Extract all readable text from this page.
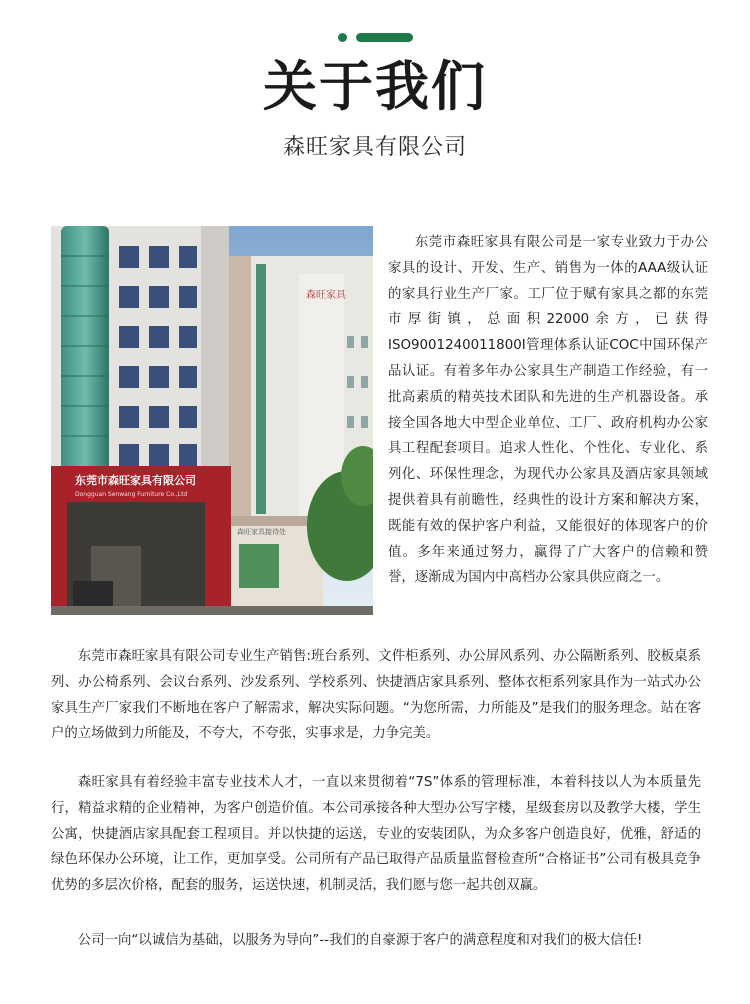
关于我们
森旺家具有限公司
森旺家具
东莞市森旺家具有限公司
Dongguan Senwang Furniture Co.,Ltd
森旺家具接待处

东莞市森旺家具有限公司是一家专业致力于办公家具的设计、开发、生产、销售为一体的AAA级认证的家具行业生产厂家。工厂位于赋有家具之都的东莞市厚街镇，总面积22000余方，已获得ISO9001240011800I管理体系认证COC中国环保产品认证。有着多年办公家具生产制造工作经验，有一批高素质的精英技术团队和先进的生产机器设备。承接全国各地大中型企业单位、工厂、政府机构办公家具工程配套项目。追求人性化、个性化、专业化、系列化、环保性理念，为现代办公家具及酒店家具领域提供着具有前瞻性，经典性的设计方案和解决方案，既能有效的保护客户利益，又能很好的体现客户的价值。多年来通过努力，赢得了广大客户的信赖和赞誉，逐渐成为国内中高档办公家具供应商之一。

东莞市森旺家具有限公司专业生产销售:班台系列、文件柜系列、办公屏风系列、办公隔断系列、胶板桌系列、办公椅系列、会议台系列、沙发系列、学校系列、快捷酒店家具系列、整体衣柜系列家具作为一站式办公家具生产厂家我们不断地在客户了解需求，解决实际问题。“为您所需，力所能及”是我们的服务理念。站在客户的立场做到力所能及，不夸大，不夸张，实事求是，力争完美。

森旺家具有着经验丰富专业技术人才，一直以来贯彻着“7S”体系的管理标准，本着科技以人为本质量先行，精益求精的企业精神，为客户创造价值。本公司承接各种大型办公写字楼，星级套房以及教学大楼，学生公寓，快捷酒店家具配套工程项目。并以快捷的运送，专业的安装团队，为众多客户创造良好，优雅，舒适的绿色环保办公环境，让工作，更加享受。公司所有产品已取得产品质量监督检查所“合格证书”公司有极具竞争优势的多层次价格，配套的服务，运送快速，机制灵活，我们愿与您一起共创双赢。

公司一向“以诚信为基础，以服务为导向”--我们的自豪源于客户的满意程度和对我们的极大信任!
